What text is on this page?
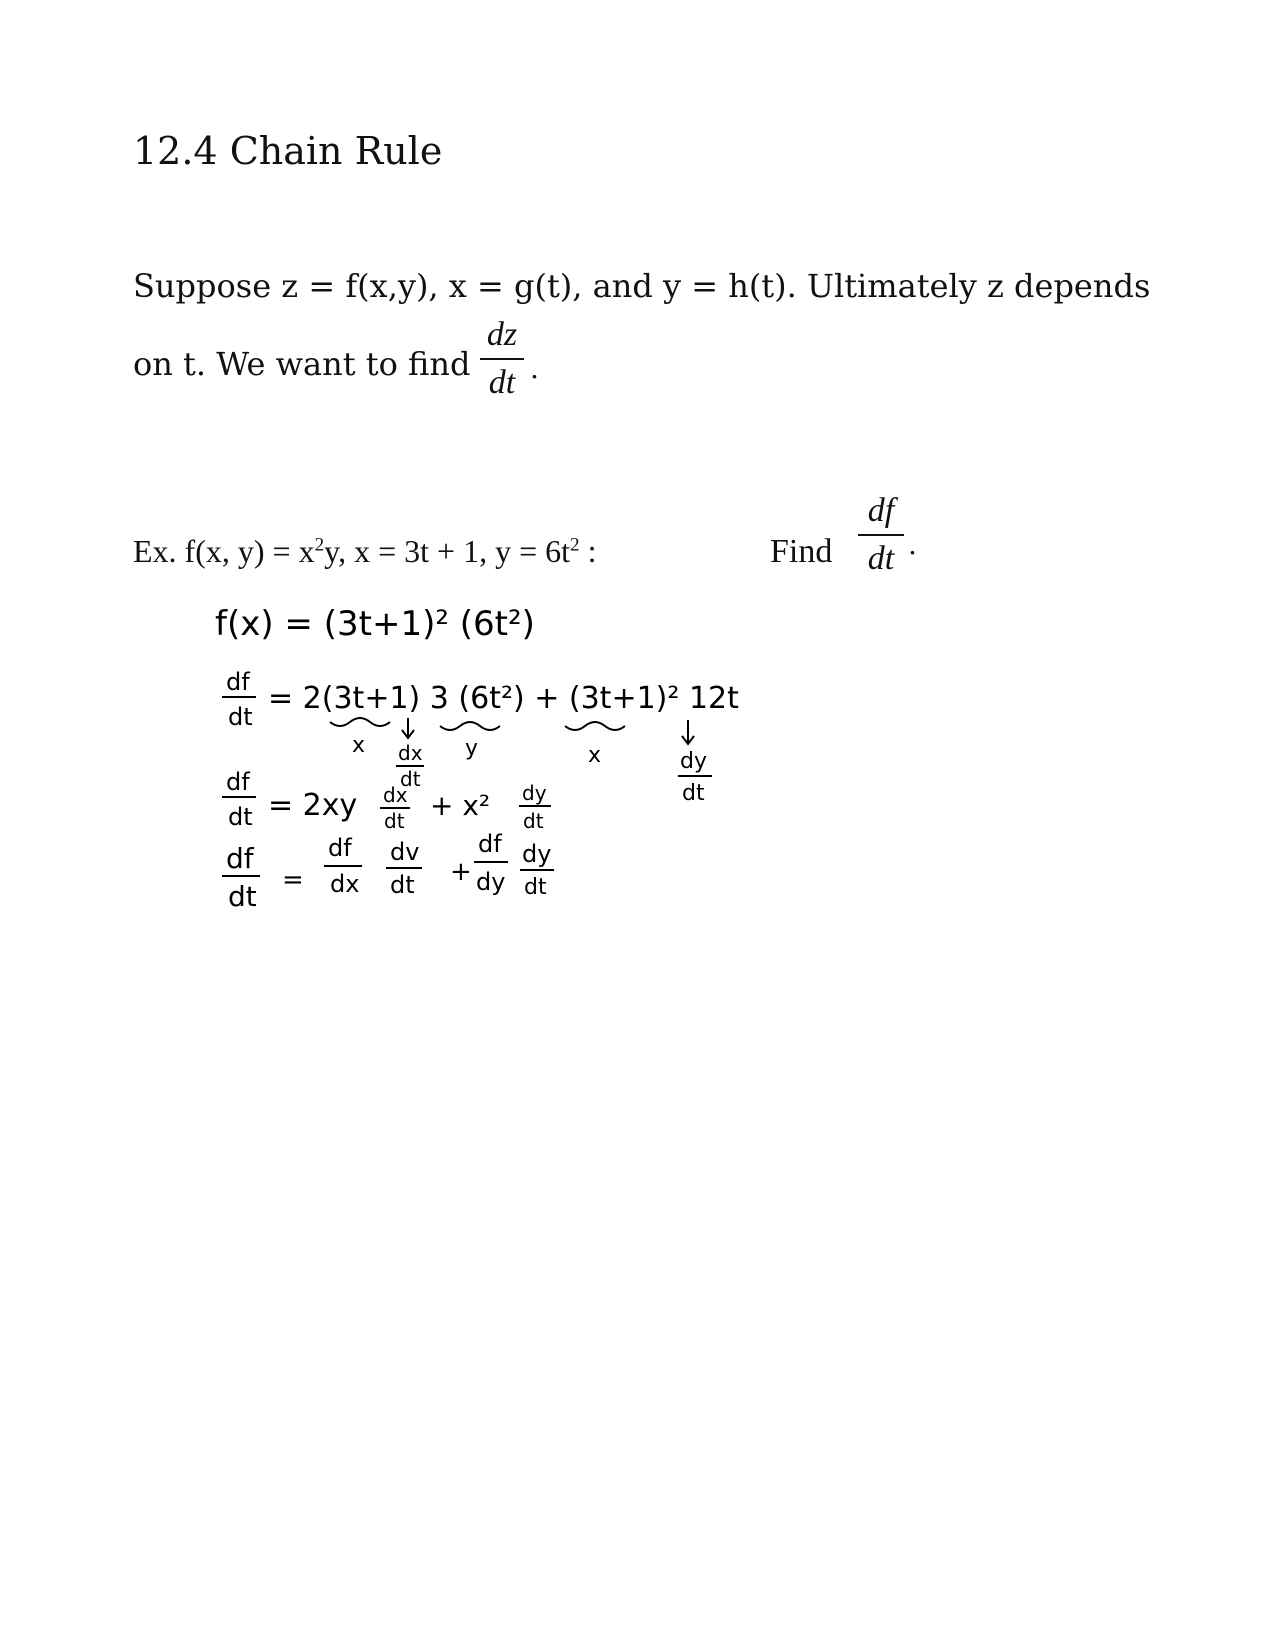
12.4 Chain Rule
Suppose z = f(x,y), x = g(t), and y = h(t). Ultimately z depends
on t. We want to find
dz
dt .
Ex. f(x, $y) = x^2y$, x = 3t + 1, $y = 6t^2$ :	Find
df
dt .
f(x) = (3t+1)² (6t²)
df
dt
= 2(3t+1) 3 (6t²) + (3t+1)² 12t
x dx
dt
y	x	dy
dt
df
dt = 2xy dx
dt + x² dy
dt
df
dt =
df
dx
dv
dt +
df
dy
dy
dt
